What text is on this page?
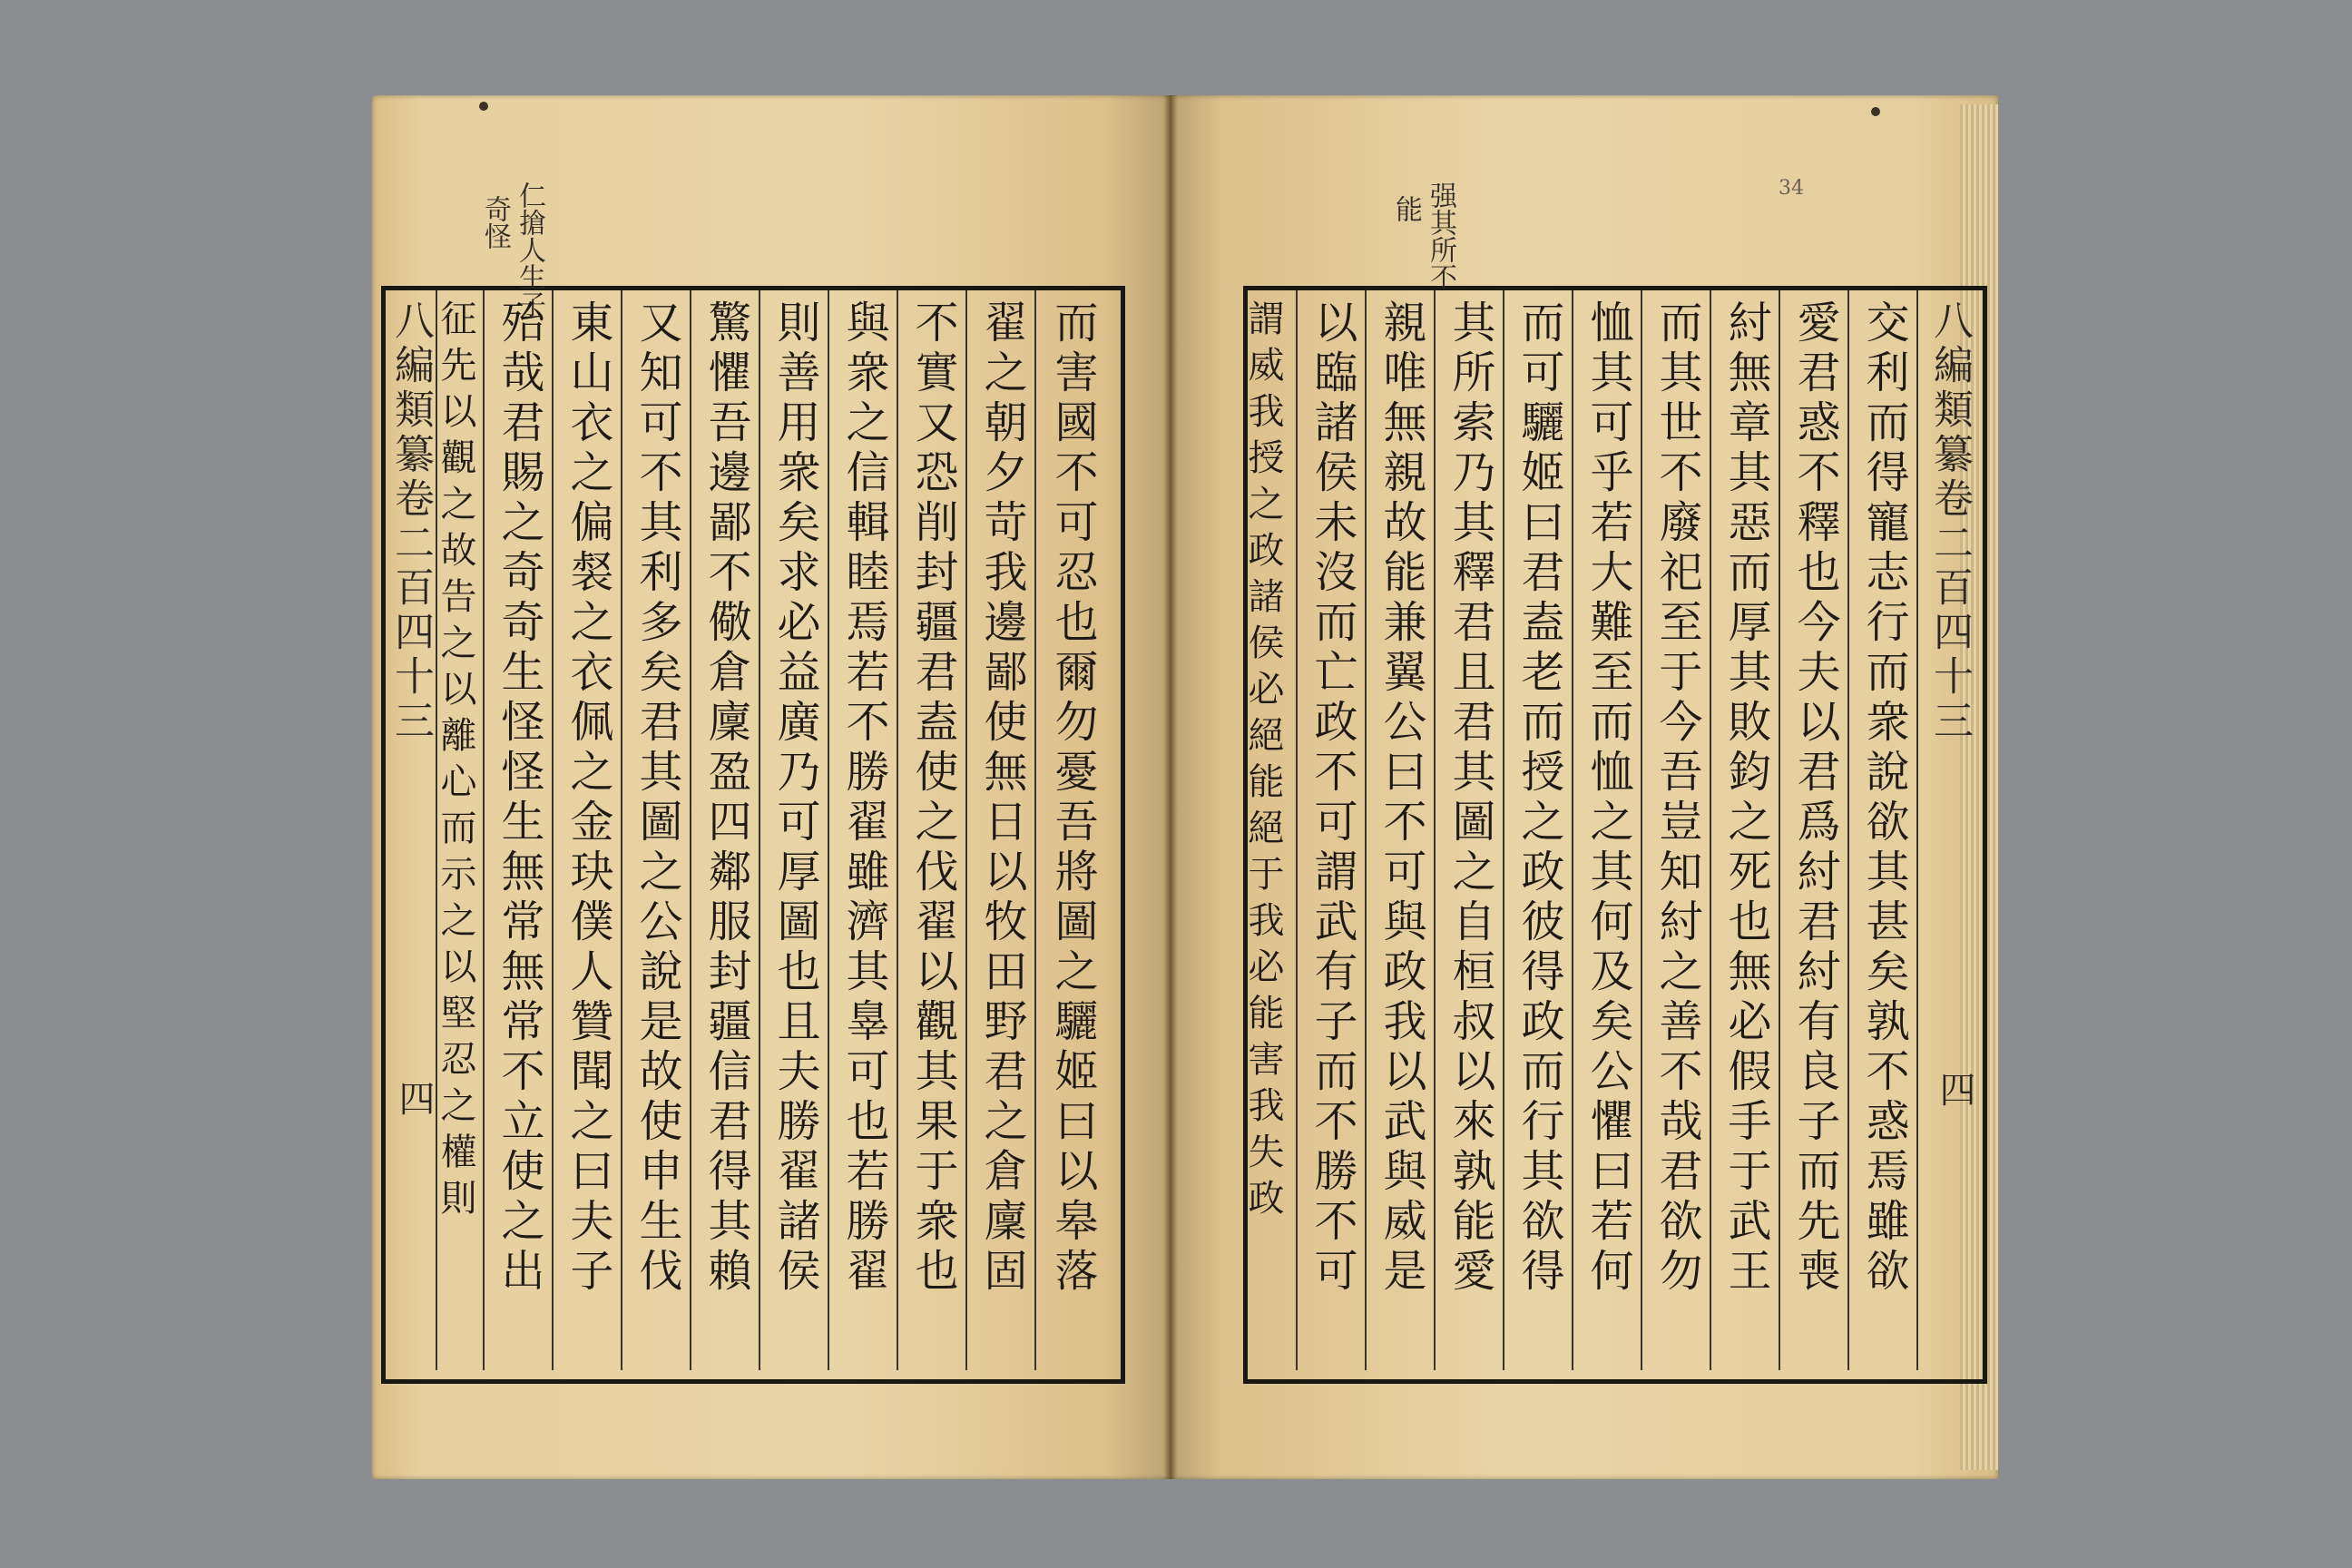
仁搶人生子
奇怪	强其所不
能
34
八編類纂卷二百四十三
四	而害國不可忍也爾勿憂吾將圖之驪姬曰以皋落
翟之朝夕苛我邊鄙使無日以牧田野君之倉廩固
不實又恐削封疆君盍使之伐翟以觀其果于衆也
與衆之信輯睦焉若不勝翟雖濟其辠可也若勝翟
則善用衆矣求必益廣乃可厚圖也且夫勝翟諸侯
驚懼吾邊鄙不儆倉廩盈四鄰服封疆信君得其賴
又知可不其利多矣君其圖之公說是故使申生伐
東山衣之偏裻之衣佩之金玦僕人贊聞之曰夫子
殆哉君賜之奇奇生怪怪生無常無常不立使之出
征先以觀之故告之以離心而示之以堅忍之權則	八編類纂卷二百四十三
四
交利而得寵志行而衆說欲其甚矣孰不惑焉雖欲
愛君惑不釋也今夫以君爲紂君紂有良子而先喪
紂無章其惡而厚其敗鈞之死也無必假手于武王
而其世不廢祀至于今吾豈知紂之善不哉君欲勿
恤其可乎若大難至而恤之其何及矣公懼曰若何
而可驪姬曰君盍老而授之政彼得政而行其欲得
其所索乃其釋君且君其圖之自桓叔以來孰能愛
親唯無親故能兼翼公曰不可與政我以武與威是
以臨諸侯未沒而亡政不可謂武有子而不勝不可
謂威我授之政諸侯必絕能絕于我必能害我失政
